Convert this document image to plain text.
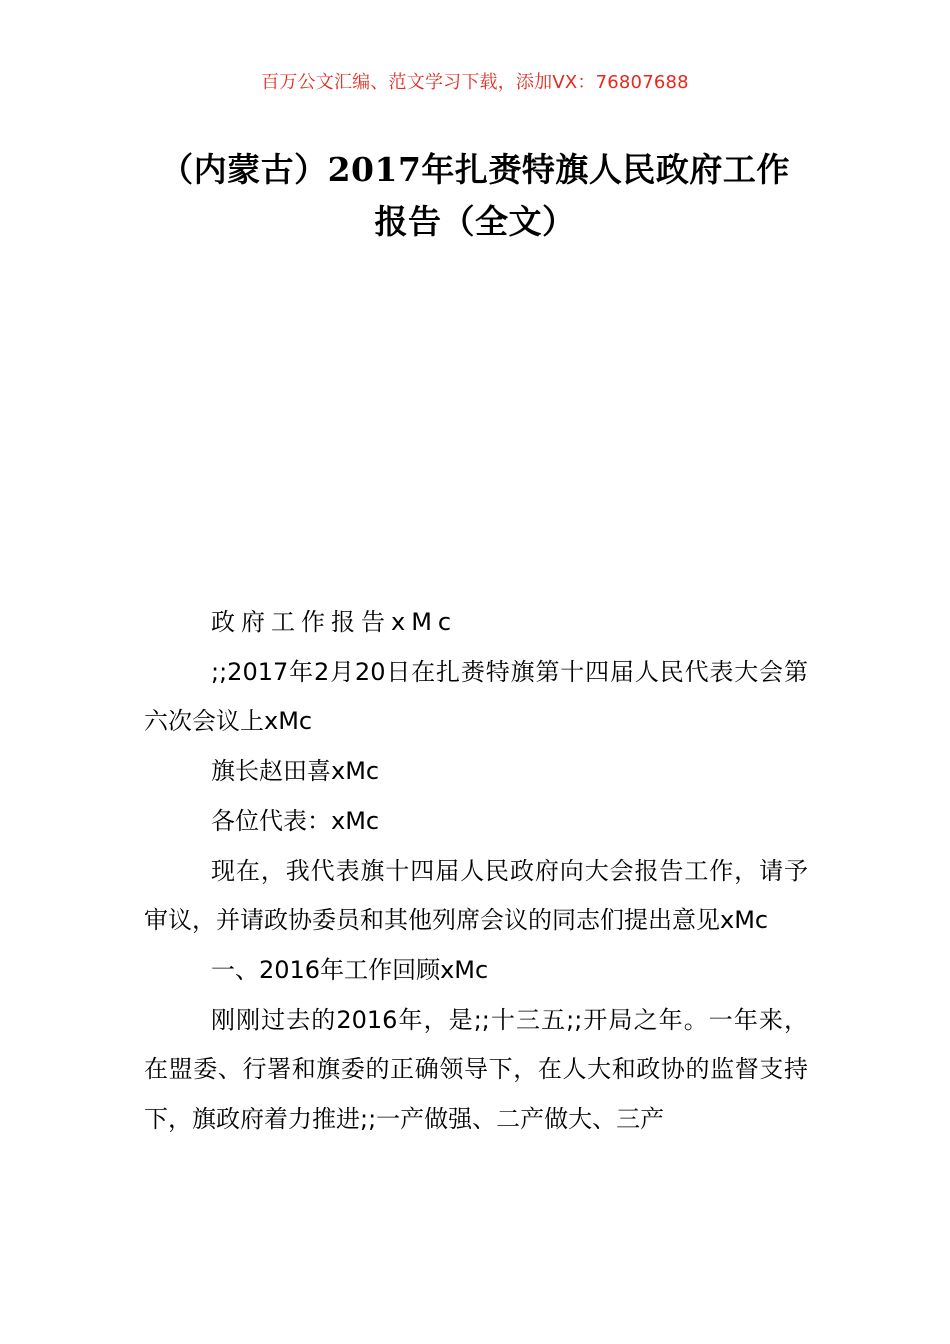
百万公文汇编、范文学习下载，添加VX：76807688
（内蒙古）2017年扎赉特旗人民政府工作
报告（全文）

政府工作报告xMc

;;2017年2月20日在扎赉特旗第十四届人民代表大会第六次会议上xMc

旗长赵田喜xMc

各位代表：xMc

现在，我代表旗十四届人民政府向大会报告工作，请予审议，并请政协委员和其他列席会议的同志们提出意见xMc

一、2016年工作回顾xMc

刚刚过去的2016年，是;;十三五;;开局之年。一年来，在盟委、行署和旗委的正确领导下，在人大和政协的监督支持下，旗政府着力推进;;一产做强、二产做大、三产
